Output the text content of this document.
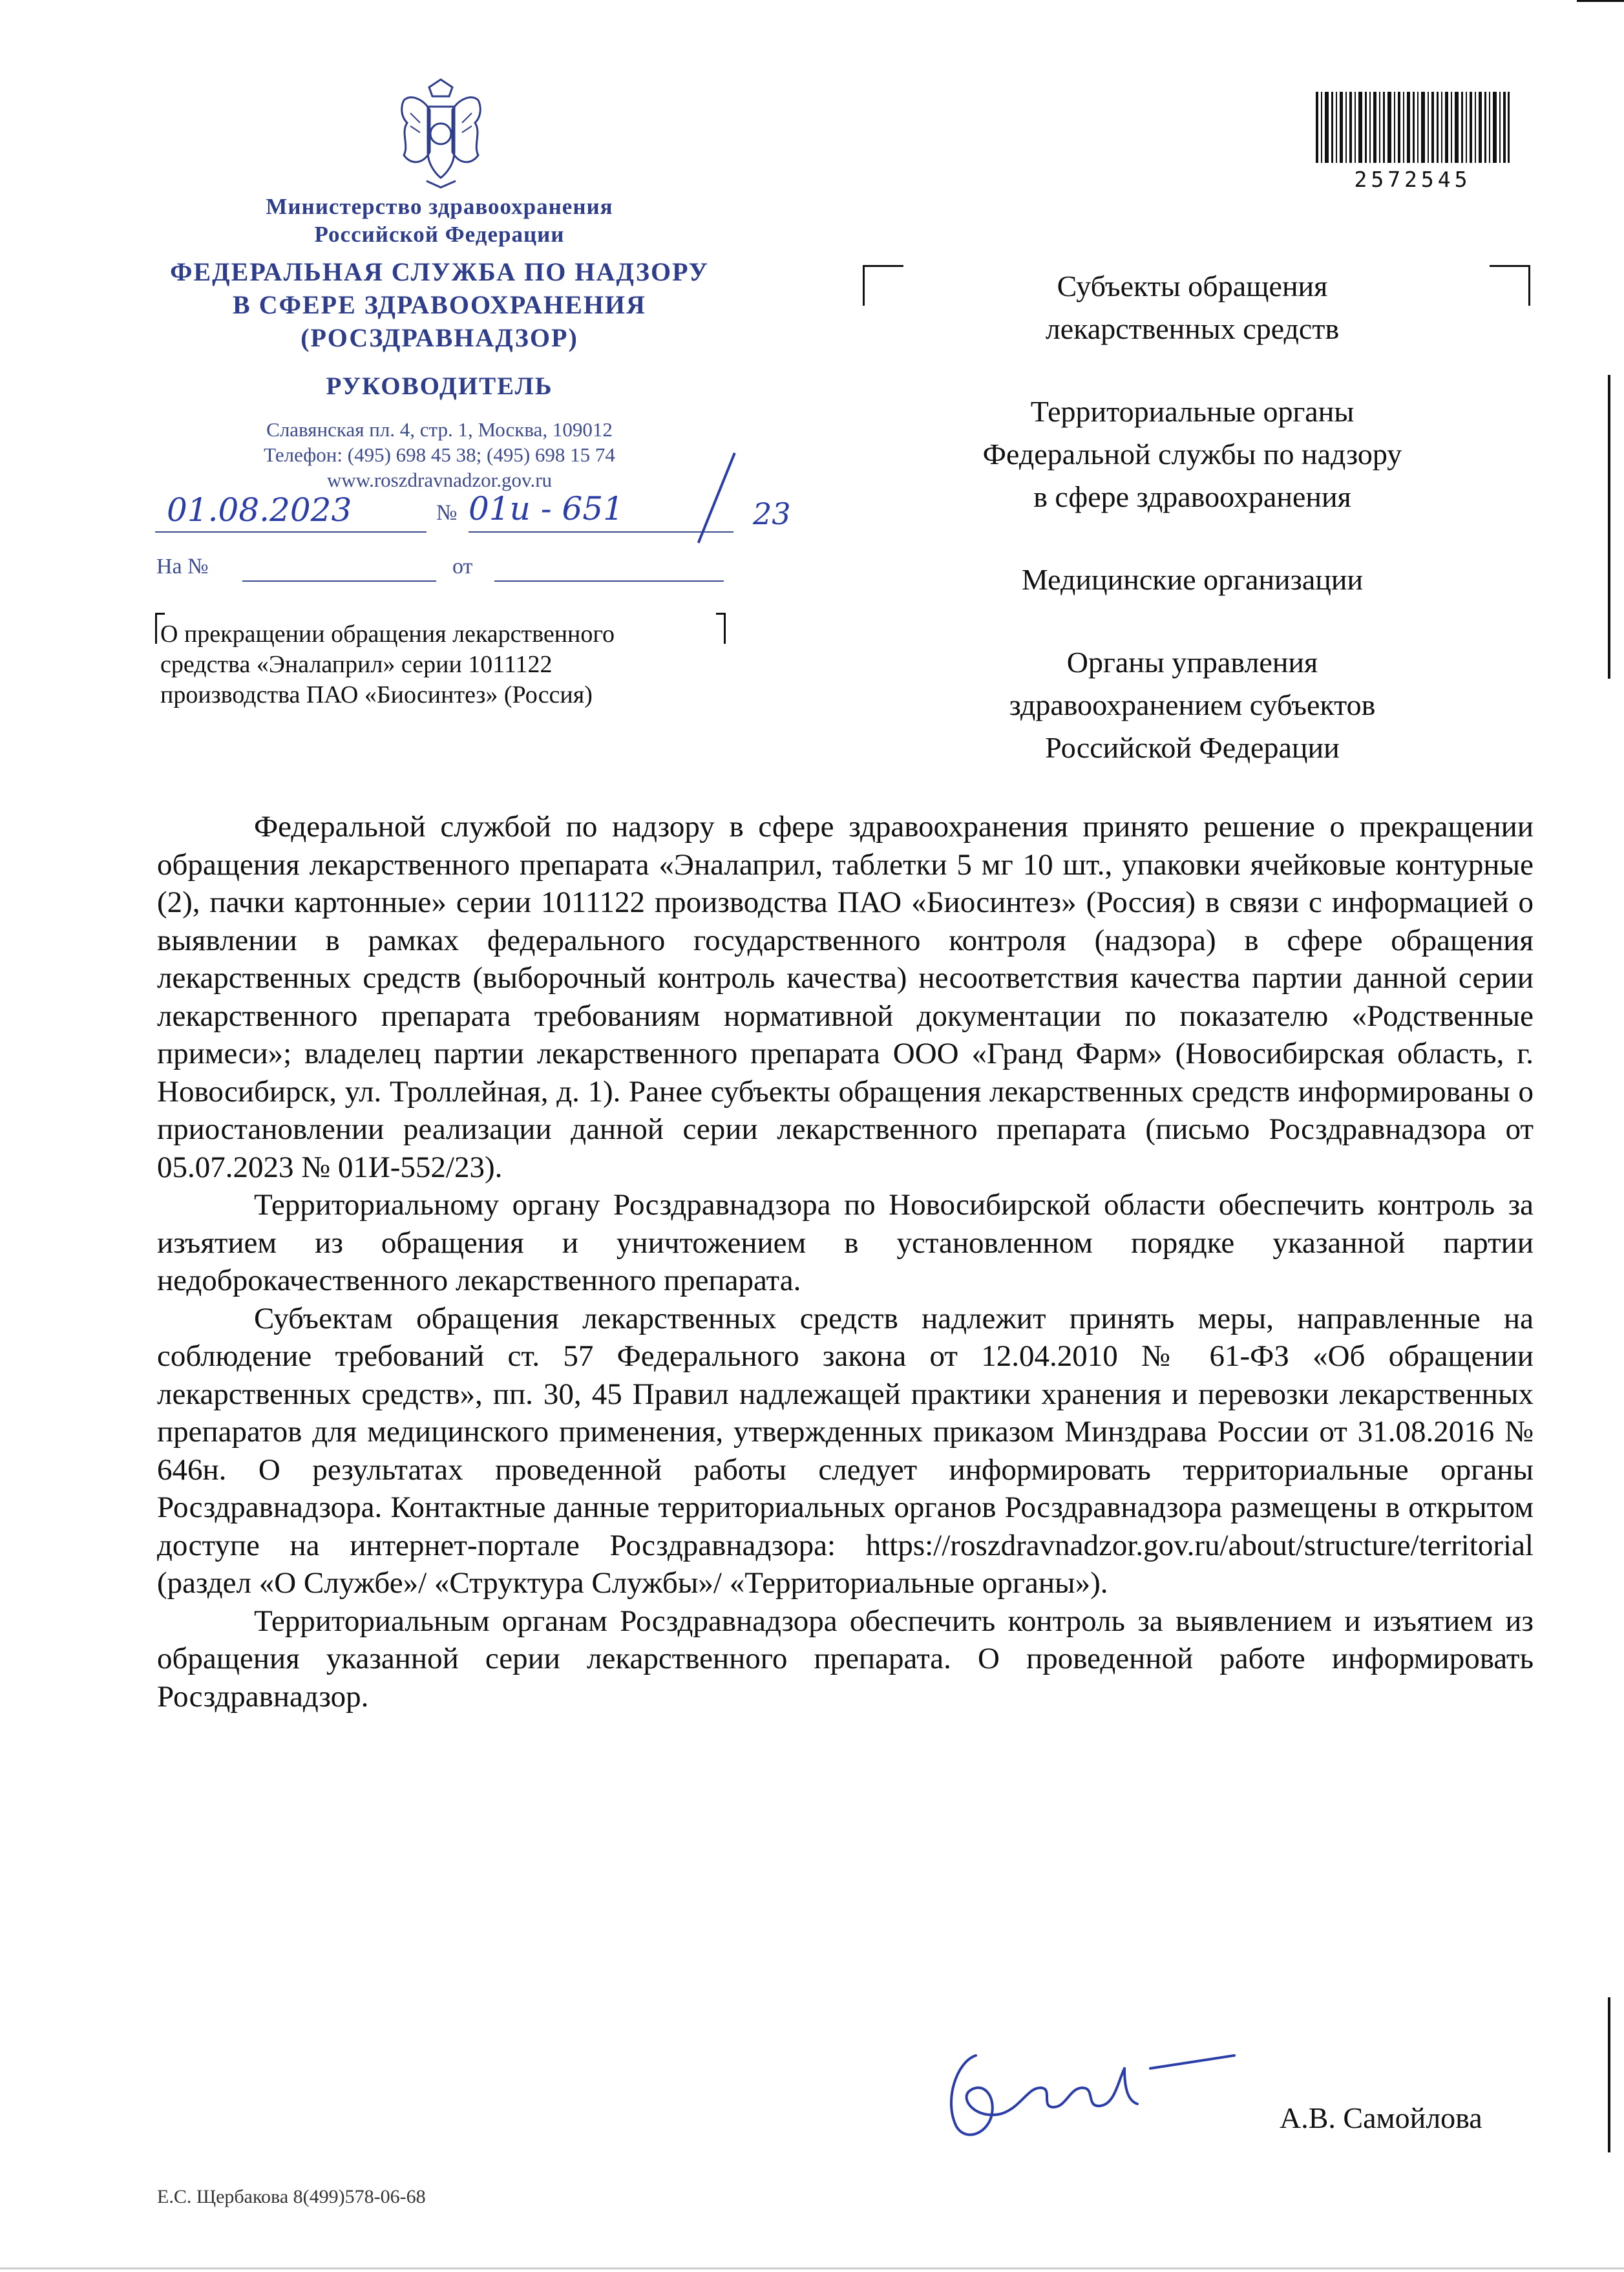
Министерство здравоохранения
Российской Федерации
ФЕДЕРАЛЬНАЯ СЛУЖБА ПО НАДЗОРУ
В СФЕРЕ ЗДРАВООХРАНЕНИЯ
(РОСЗДРАВНАДЗОР)
РУКОВОДИТЕЛЬ
Славянская пл. 4, стр. 1, Москва, 109012
Телефон: (495) 698 45 38; (495) 698 15 74
www.roszdravnadzor.gov.ru
01.08.2023	№ 01и - 651	23
На №	от
О прекращении обращения лекарственного
средства «Эналаприл» серии 1011122
производства ПАО «Биосинтез» (Россия)
2572545

Субъекты обращения
лекарственных средств

Территориальные органы
Федеральной службы по надзору
в сфере здравоохранения

Медицинские организации

Органы управления
здравоохранением субъектов
Российской Федерации

Федеральной службой по надзору в сфере здравоохранения принято решение о прекращении обращения лекарственного препарата «Эналаприл, таблетки 5 мг 10 шт., упаковки ячейковые контурные (2), пачки картонные» серии 1011122 производства ПАО «Биосинтез» (Россия) в связи с информацией о выявлении в рамках федерального государственного контроля (надзора) в сфере обращения лекарственных средств (выборочный контроль качества) несоответствия качества партии данной серии лекарственного препарата требованиям нормативной документации по показателю «Родственные примеси»; владелец партии лекарственного препарата ООО «Гранд Фарм» (Новосибирская область, г. Новосибирск, ул. Троллейная, д. 1). Ранее субъекты обращения лекарственных средств информированы о приостановлении реализации данной серии лекарственного препарата (письмо Росздравнадзора от 05.07.2023 № 01И-552/23).

Территориальному органу Росздравнадзора по Новосибирской области обеспечить контроль за изъятием из обращения и уничтожением в установленном порядке указанной партии недоброкачественного лекарственного препарата.

Субъектам обращения лекарственных средств надлежит принять меры, направленные на соблюдение требований ст. 57 Федерального закона от 12.04.2010 № 61-ФЗ «Об обращении лекарственных средств», пп. 30, 45 Правил надлежащей практики хранения и перевозки лекарственных препаратов для медицинского применения, утвержденных приказом Минздрава России от 31.08.2016 № 646н. О результатах проведенной работы следует информировать территориальные органы Росздравнадзора. Контактные данные территориальных органов Росздравнадзора размещены в открытом доступе на интернет-портале Росздравнадзора: https://roszdravnadzor.gov.ru/about/structure/territorial (раздел «О Службе»/ «Структура Службы»/ «Территориальные органы»).

Территориальным органам Росздравнадзора обеспечить контроль за выявлением и изъятием из обращения указанной серии лекарственного препарата. О проведенной работе информировать Росздравнадзор.

А.В. Самойлова
Е.С. Щербакова 8(499)578-06-68
